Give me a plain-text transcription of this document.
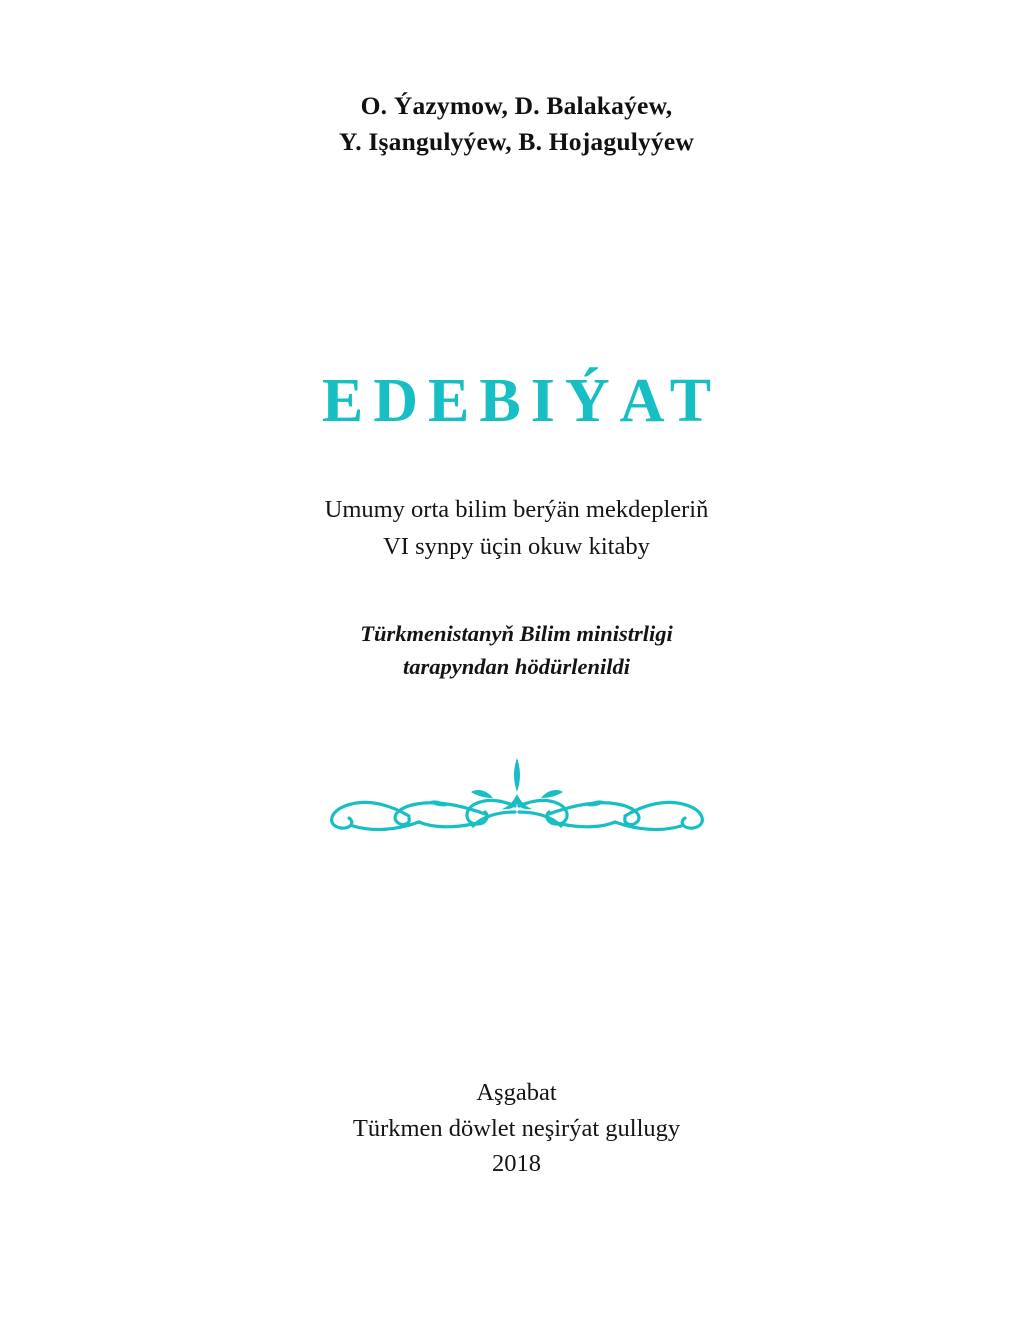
O. Ýazymow, D. Balakaýew,
Y. Işangulyýew, B. Hojagulyýew
EDEBIÝAT
Umumy orta bilim berýän mekdepleriň
VI synpy üçin okuw kitaby
Türkmenistanyň Bilim ministrligi
tarapyndan hödürlenildi
Aşgabat
Türkmen döwlet neşirýat gullugy
2018
